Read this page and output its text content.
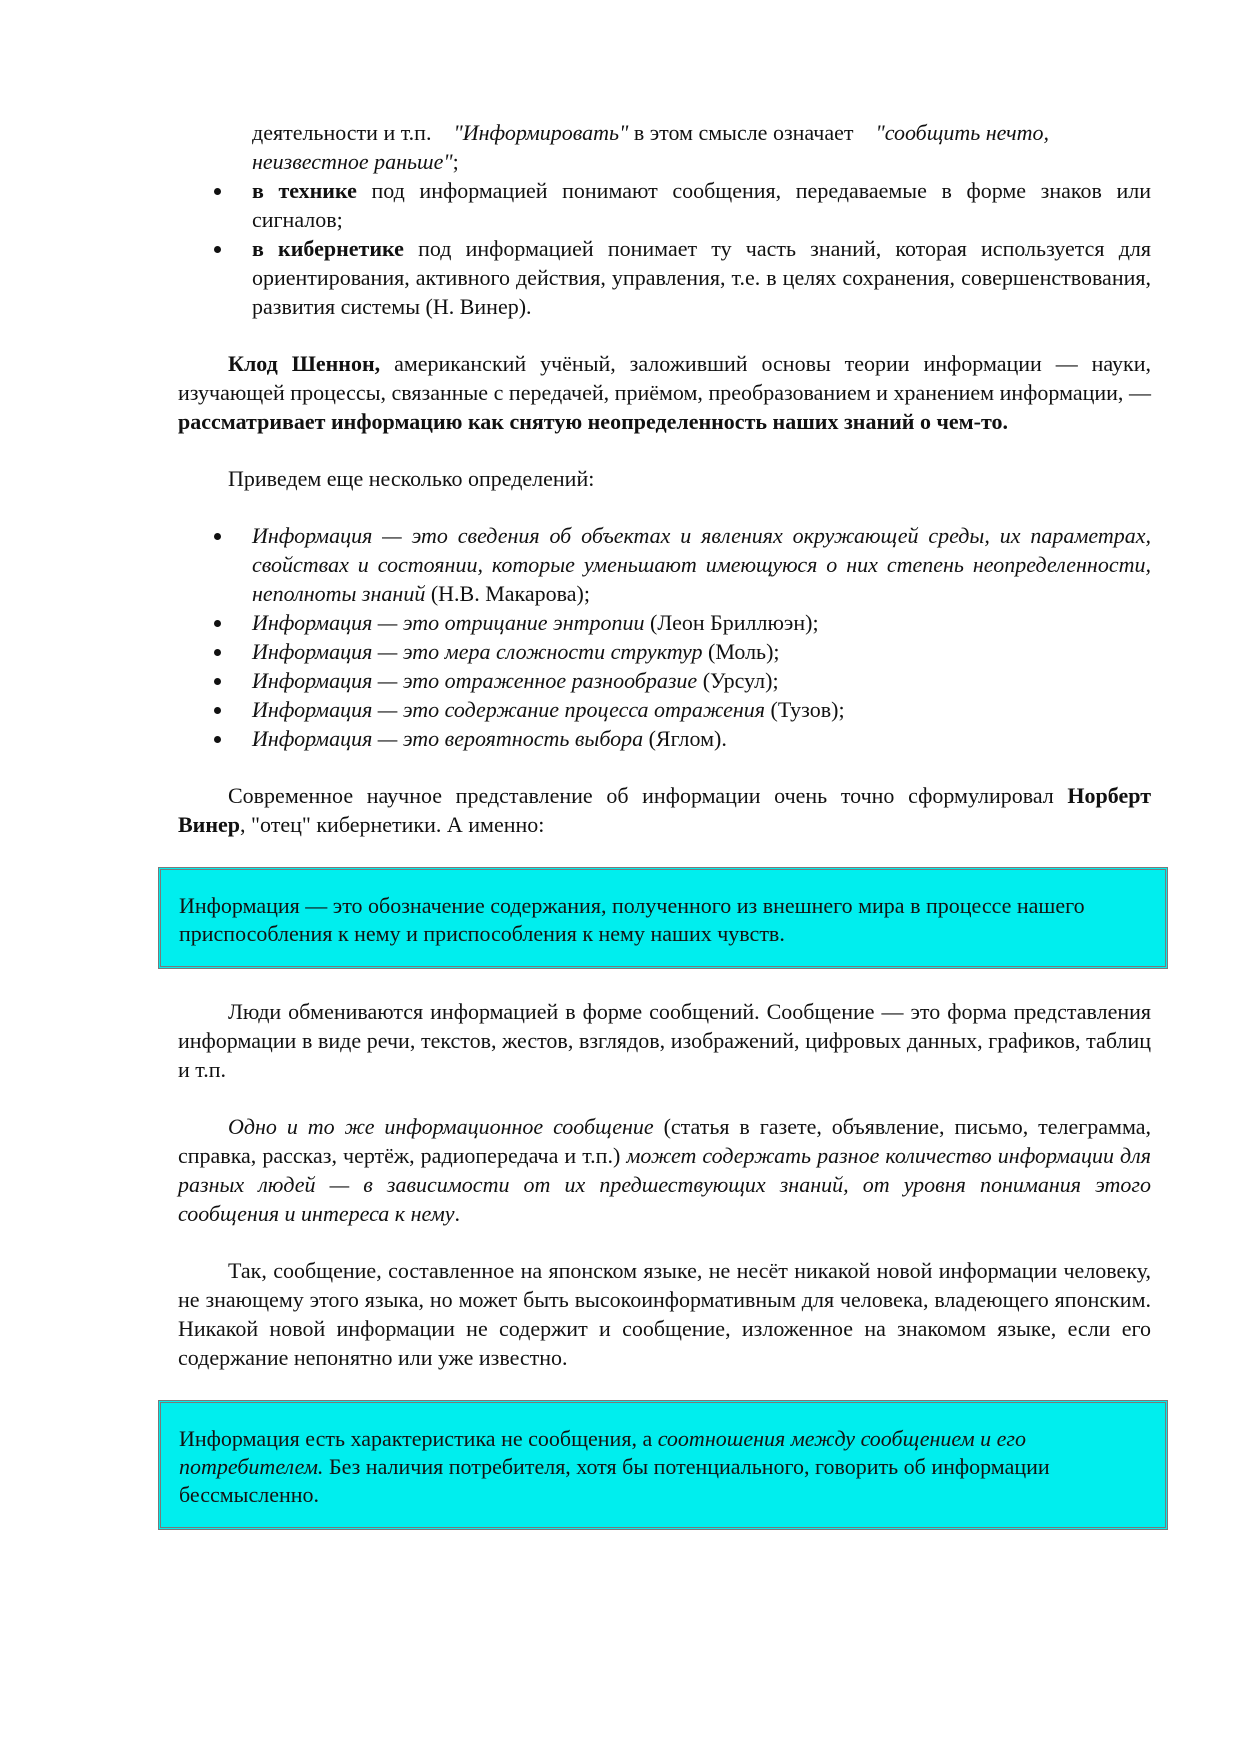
деятельности и т.п. "Информировать" в этом смысле означает    "сообщить нечто, неизвестное раньше";

в технике под информацией понимают сообщения, передаваемые в форме знаков или сигналов;
в кибернетике под информацией понимает ту часть знаний, которая используется для ориентирования, активного действия, управления, т.е. в целях сохранения, совершенствования, развития системы (Н. Винер).

Клод Шеннон, американский учёный, заложивший основы теории информации — науки, изучающей процессы, связанные с передачей, приёмом, преобразованием и хранением информации, — рассматривает информацию как снятую неопределенность наших знаний о чем-то.

Приведем еще несколько определений:

Информация — это сведения об объектах и явлениях окружающей среды, их параметрах, свойствах и состоянии, которые уменьшают имеющуюся о них степень неопределенности, неполноты знаний (Н.В. Макарова);
Информация — это отрицание энтропии (Леон Бриллюэн);
Информация — это мера сложности структур (Моль);
Информация — это отраженное разнообразие (Урсул);
Информация — это содержание процесса отражения (Тузов);
Информация — это вероятность выбора (Яглом).

Современное научное представление об информации очень точно сформулировал Норберт Винер, "отец" кибернетики. А именно:

Информация — это обозначение содержания, полученного из внешнего мира в процессе нашего приспособления к нему и приспособления к нему наших чувств.

Люди обмениваются информацией в форме сообщений. Сообщение — это форма представления информации в виде речи, текстов, жестов, взглядов, изображений, цифровых данных, графиков, таблиц и т.п.

Одно и то же информационное сообщение (статья в газете, объявление, письмо, телеграмма, справка, рассказ, чертёж, радиопередача и т.п.) может содержать разное количество информации для разных людей — в зависимости от их предшествующих знаний, от уровня понимания этого сообщения и интереса к нему.

Так, сообщение, составленное на японском языке, не несёт никакой новой информации человеку, не знающему этого языка, но может быть высокоинформативным для человека, владеющего японским. Никакой новой информации не содержит и сообщение, изложенное на знакомом языке, если его содержание непонятно или уже известно.

Информация есть характеристика не сообщения, а соотношения между сообщением и его потребителем. Без наличия потребителя, хотя бы потенциального, говорить об информации бессмысленно.
